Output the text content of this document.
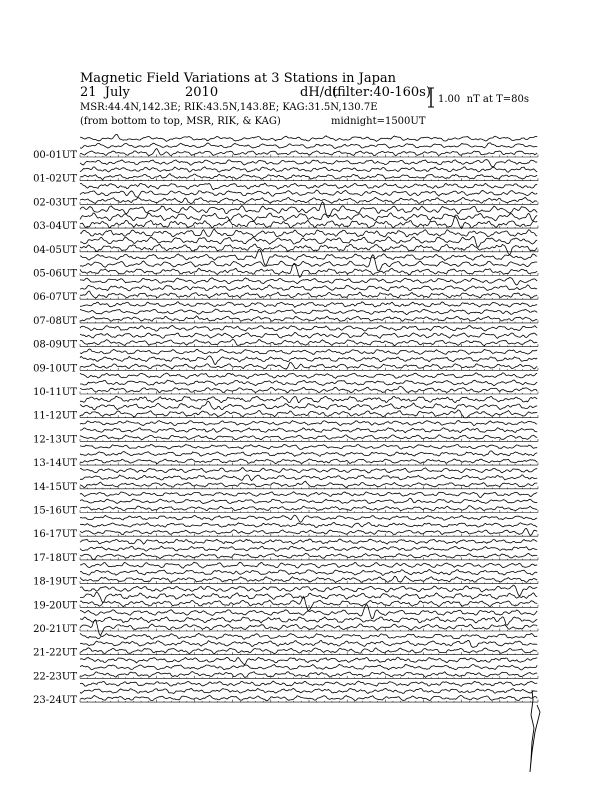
Magnetic Field Variations at 3 Stations in Japan
21  July	2010	dH/dt
(filter:40-160s)
MSR:44.4N,142.3E; RIK:43.5N,143.8E; KAG:31.5N,130.7E
(from bottom to top, MSR, RIK, & KAG)	midnight=1500UT
1.00  nT at T=80s
00-01UT
01-02UT
02-03UT
03-04UT
04-05UT
05-06UT
06-07UT
07-08UT
08-09UT
09-10UT
10-11UT
11-12UT
12-13UT
13-14UT
14-15UT
15-16UT
16-17UT
17-18UT
18-19UT
19-20UT
20-21UT
21-22UT
22-23UT
23-24UT
